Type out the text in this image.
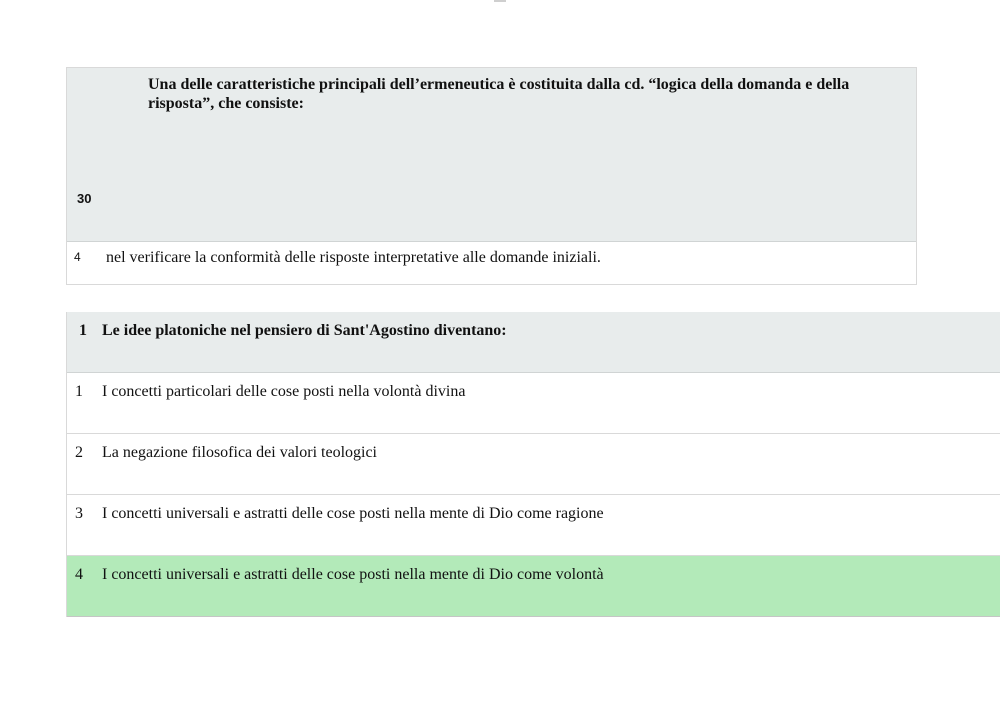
30
Una delle caratteristiche principali dell’ermeneutica è costituita dalla cd. “logica della domanda e della risposta”, che consiste:
4 nel verificare la conformità delle risposte interpretative alle domande iniziali.
1 Le idee platoniche nel pensiero di Sant'Agostino diventano:
1 I concetti particolari delle cose posti nella volontà divina
2 La negazione filosofica dei valori teologici
3 I concetti universali e astratti delle cose posti nella mente di Dio come ragione
4 I concetti universali e astratti delle cose posti nella mente di Dio come volontà
